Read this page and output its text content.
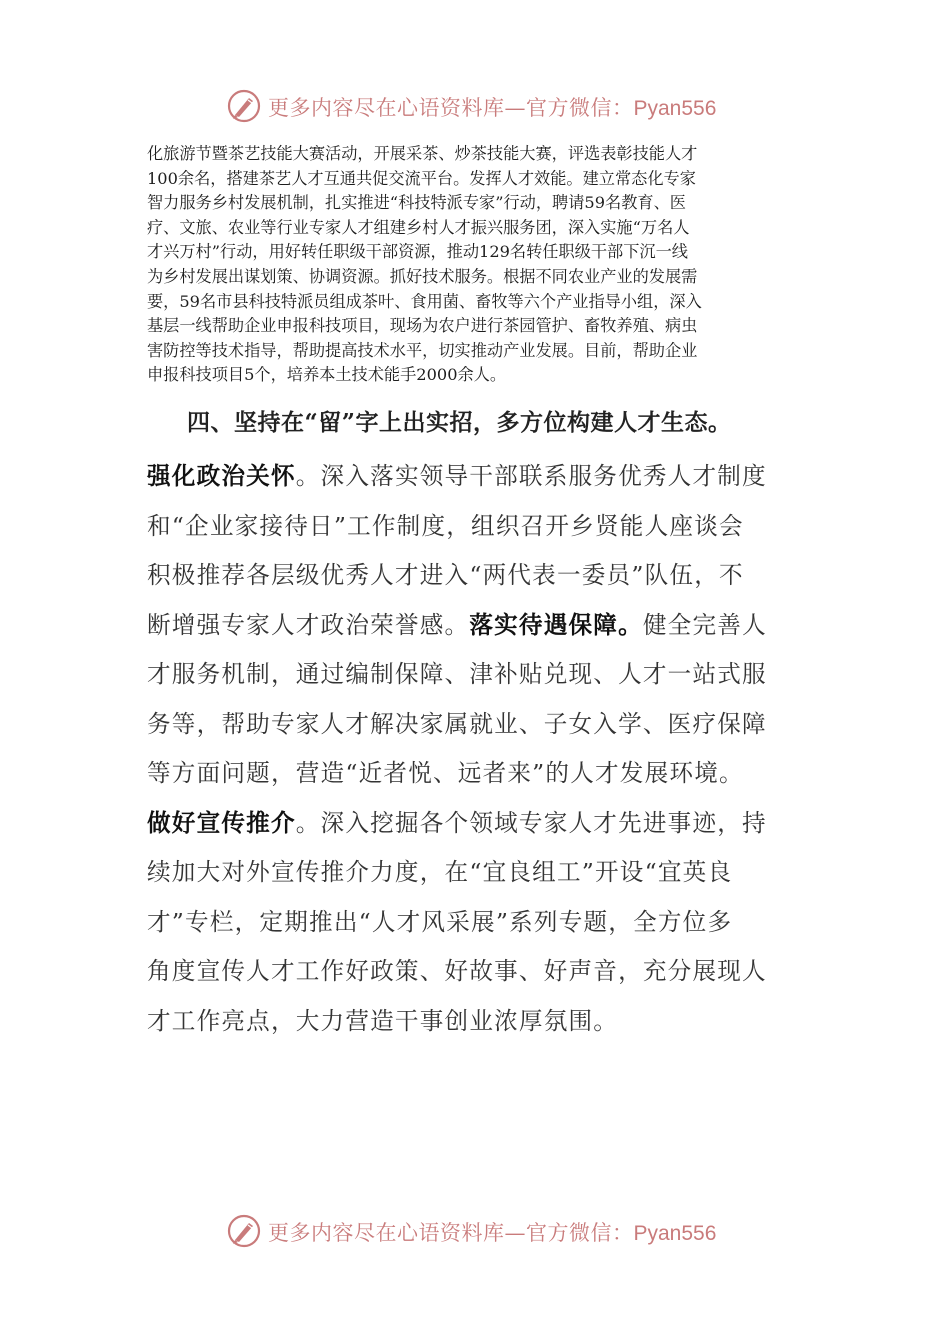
更多内容尽在心语资料库—官方微信：Pyan556
化旅游节暨茶艺技能大赛活动，开展采茶、炒茶技能大赛，评选表彰技能人才
100余名，搭建茶艺人才互通共促交流平台。发挥人才效能。建立常态化专家
智力服务乡村发展机制，扎实推进“科技特派专家”行动，聘请59名教育、医
疗、文旅、农业等行业专家人才组建乡村人才振兴服务团，深入实施“万名人
才兴万村”行动，用好转任职级干部资源，推动129名转任职级干部下沉一线
为乡村发展出谋划策、协调资源。抓好技术服务。根据不同农业产业的发展需
要，59名市县科技特派员组成茶叶、食用菌、畜牧等六个产业指导小组，深入
基层一线帮助企业申报科技项目，现场为农户进行茶园管护、畜牧养殖、病虫
害防控等技术指导，帮助提高技术水平，切实推动产业发展。目前，帮助企业
申报科技项目5个，培养本土技术能手2000余人。
四、坚持在“留”字上出实招，多方位构建人才生态。
强化政治关怀。深入落实领导干部联系服务优秀人才制度
和“企业家接待日”工作制度，组织召开乡贤能人座谈会
积极推荐各层级优秀人才进入“两代表一委员”队伍，不
断增强专家人才政治荣誉感。落实待遇保障。健全完善人
才服务机制，通过编制保障、津补贴兑现、人才一站式服
务等，帮助专家人才解决家属就业、子女入学、医疗保障
等方面问题，营造“近者悦、远者来”的人才发展环境。
做好宣传推介。深入挖掘各个领域专家人才先进事迹，持
续加大对外宣传推介力度，在“宜良组工”开设“宜英良
才”专栏，定期推出“人才风采展”系列专题，全方位多
角度宣传人才工作好政策、好故事、好声音，充分展现人
才工作亮点，大力营造干事创业浓厚氛围。
更多内容尽在心语资料库—官方微信：Pyan556
